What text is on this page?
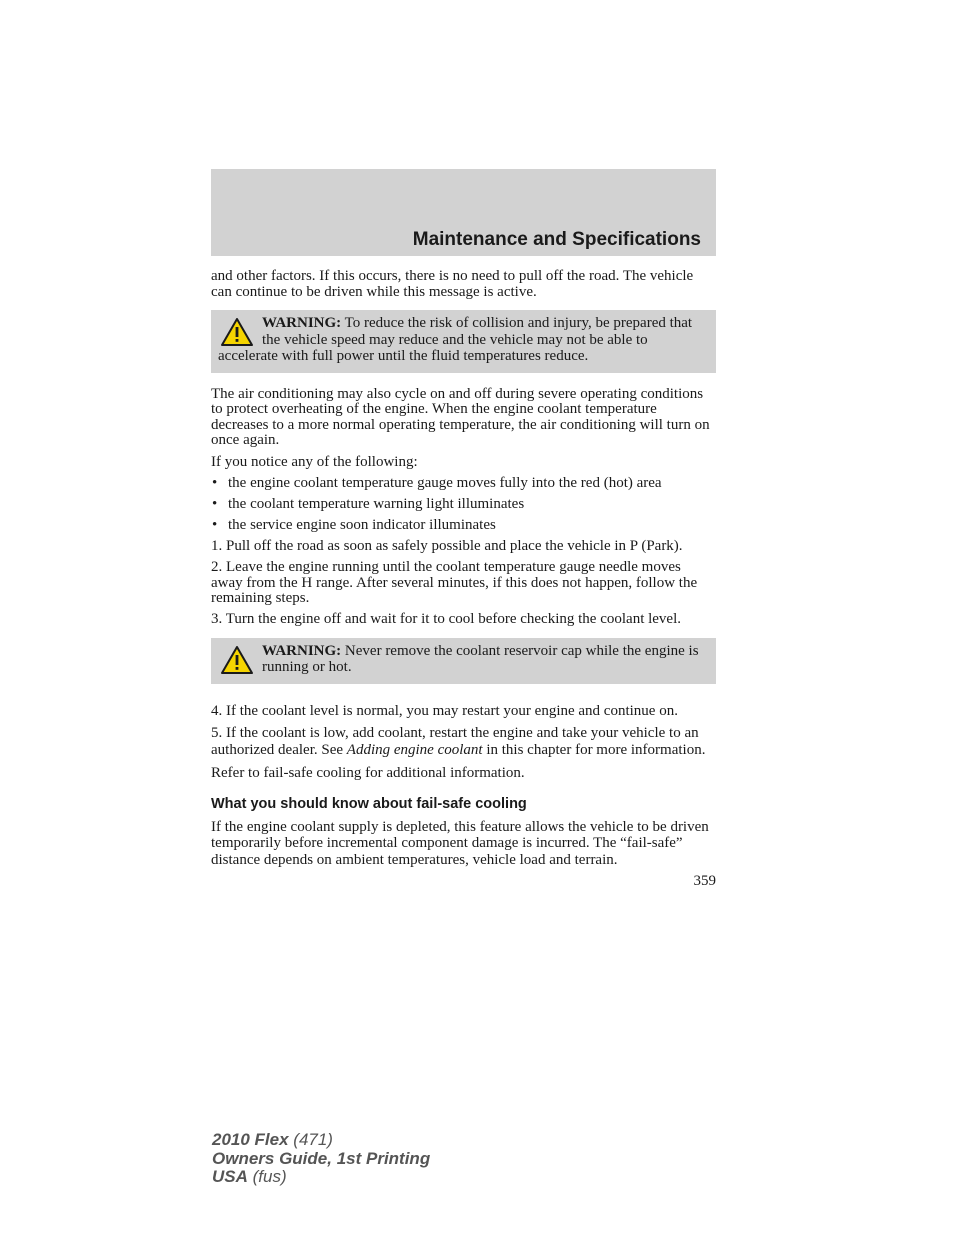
Maintenance and Specifications

and other factors. If this occurs, there is no need to pull off the road. The vehicle can continue to be driven while this message is active.

WARNING: To reduce the risk of collision and injury, be prepared that the vehicle speed may reduce and the vehicle may not be able to accelerate with full power until the fluid temperatures reduce.

The air conditioning may also cycle on and off during severe operating conditions to protect overheating of the engine. When the engine coolant temperature decreases to a more normal operating temperature, the air conditioning will turn on once again.

If you notice any of the following:

• the engine coolant temperature gauge moves fully into the red (hot) area
• the coolant temperature warning light illuminates
• the service engine soon indicator illuminates

1. Pull off the road as soon as safely possible and place the vehicle in P (Park).

2. Leave the engine running until the coolant temperature gauge needle moves away from the H range. After several minutes, if this does not happen, follow the remaining steps.

3. Turn the engine off and wait for it to cool before checking the coolant level.

WARNING: Never remove the coolant reservoir cap while the engine is running or hot.

4. If the coolant level is normal, you may restart your engine and continue on.

5. If the coolant is low, add coolant, restart the engine and take your vehicle to an authorized dealer. See Adding engine coolant in this chapter for more information.

Refer to fail-safe cooling for additional information.

What you should know about fail-safe cooling

If the engine coolant supply is depleted, this feature allows the vehicle to be driven temporarily before incremental component damage is incurred. The “fail-safe” distance depends on ambient temperatures, vehicle load and terrain.

359
2010 Flex (471)
Owners Guide, 1st Printing
USA (fus)
